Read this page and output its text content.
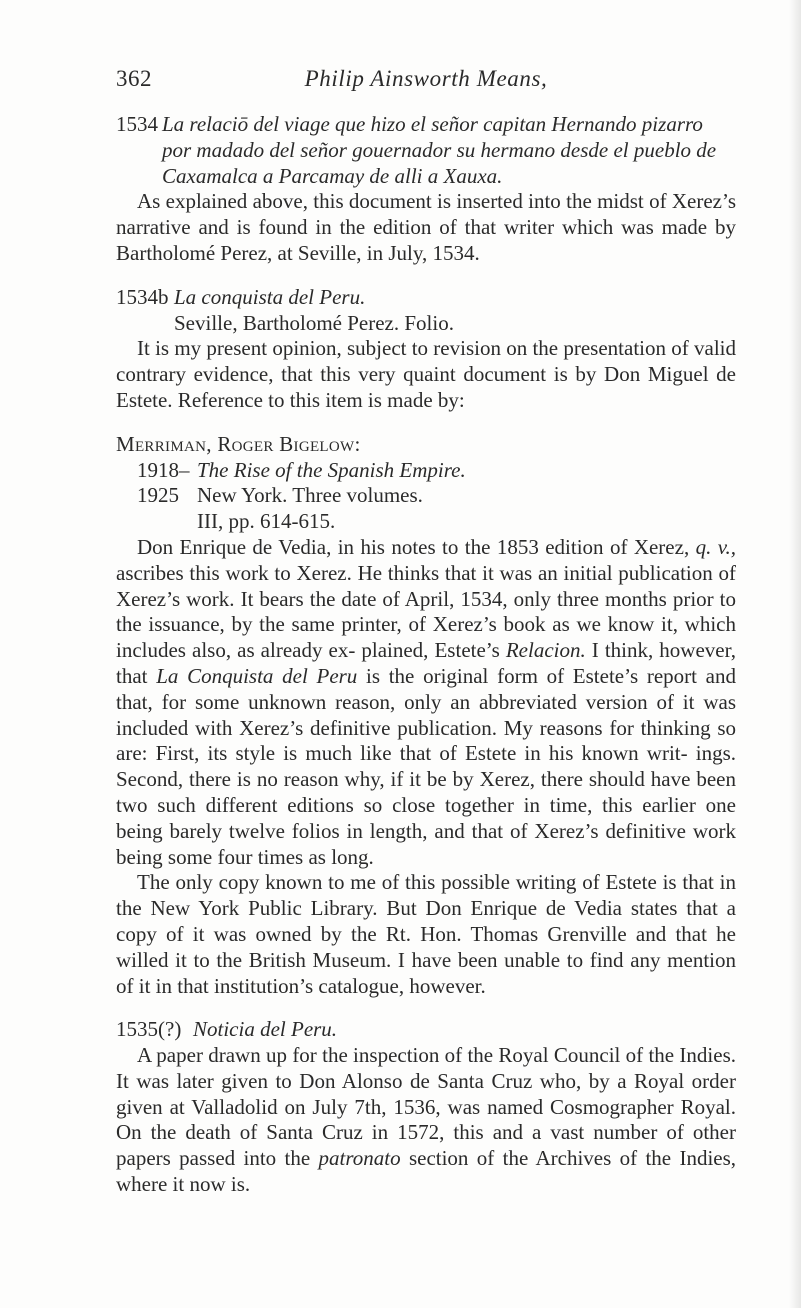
362	Philip Ainsworth Means,
1534 La relaciō del viage que hizo el señor capitan Hernando pizarro por madado del señor gouernador su hermano desde el pueblo de Caxamalca a Parcamay de alli a Xauxa.

As explained above, this document is inserted into the midst of Xerez’s narrative and is found in the edition of that writer which was made by Bartholomé Perez, at Seville, in July, 1534.

1534b La conquista del Peru.

Seville, Bartholomé Perez. Folio.

It is my present opinion, subject to revision on the presentation of valid contrary evidence, that this very quaint document is by Don Miguel de Estete. Reference to this item is made by:

Merriman, Roger Bigelow:

1918– The Rise of the Spanish Empire.
1925 New York. Three volumes.
III, pp. 614-615.

Don Enrique de Vedia, in his notes to the 1853 edition of Xerez, q. v., ascribes this work to Xerez. He thinks that it was an initial publication of Xerez’s work. It bears the date of April, 1534, only three months prior to the issuance, by the same printer, of Xerez’s book as we know it, which includes also, as already ex- plained, Estete’s Relacion. I think, however, that La Conquista del Peru is the original form of Estete’s report and that, for some unknown reason, only an abbreviated version of it was included with Xerez’s definitive publication. My reasons for thinking so are: First, its style is much like that of Estete in his known writ- ings. Second, there is no reason why, if it be by Xerez, there should have been two such different editions so close together in time, this earlier one being barely twelve folios in length, and that of Xerez’s definitive work being some four times as long.

The only copy known to me of this possible writing of Estete is that in the New York Public Library. But Don Enrique de Vedia states that a copy of it was owned by the Rt. Hon. Thomas Grenville and that he willed it to the British Museum. I have been unable to find any mention of it in that institution’s catalogue, however.

1535(?) Noticia del Peru.

A paper drawn up for the inspection of the Royal Council of the Indies. It was later given to Don Alonso de Santa Cruz who, by a Royal order given at Valladolid on July 7th, 1536, was named Cosmographer Royal. On the death of Santa Cruz in 1572, this and a vast number of other papers passed into the patronato section of the Archives of the Indies, where it now is.
